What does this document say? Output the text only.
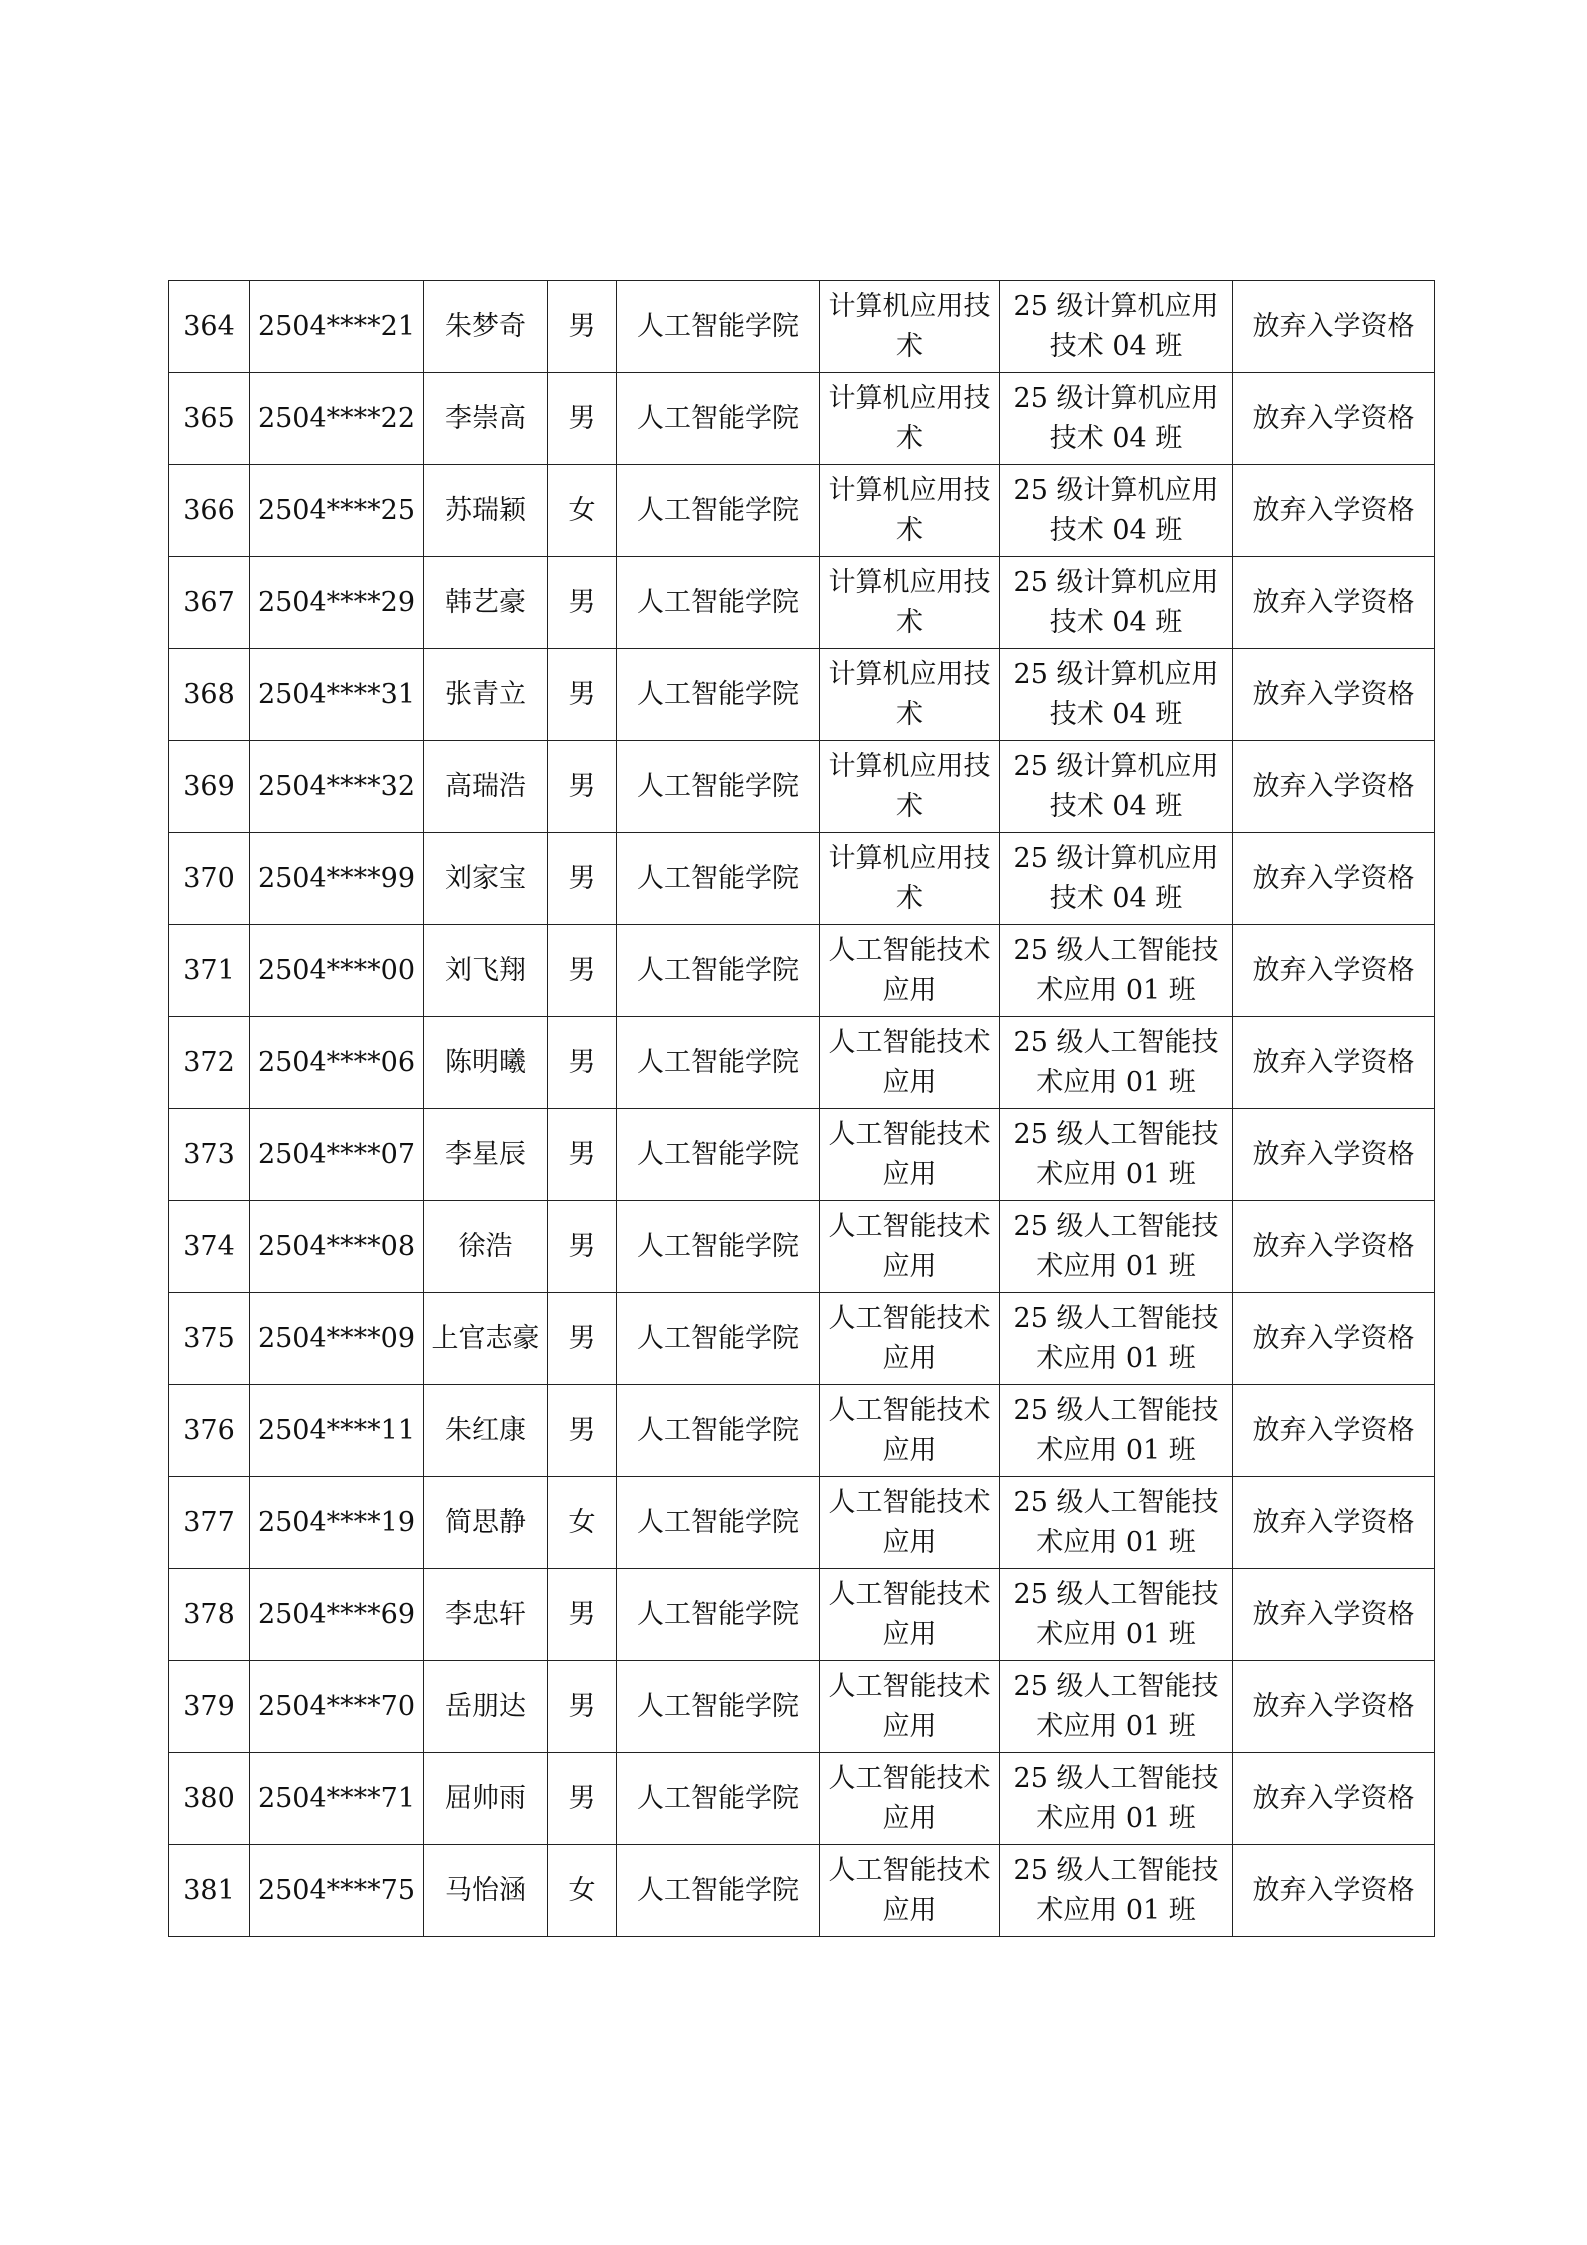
364	2504****21	朱梦奇	男	人工智能学院	计算机应用技术	25 级计算机应用技术 04 班	放弃入学资格
365	2504****22	李崇高	男	人工智能学院	计算机应用技术	25 级计算机应用技术 04 班	放弃入学资格
366	2504****25	苏瑞颖	女	人工智能学院	计算机应用技术	25 级计算机应用技术 04 班	放弃入学资格
367	2504****29	韩艺豪	男	人工智能学院	计算机应用技术	25 级计算机应用技术 04 班	放弃入学资格
368	2504****31	张青立	男	人工智能学院	计算机应用技术	25 级计算机应用技术 04 班	放弃入学资格
369	2504****32	高瑞浩	男	人工智能学院	计算机应用技术	25 级计算机应用技术 04 班	放弃入学资格
370	2504****99	刘家宝	男	人工智能学院	计算机应用技术	25 级计算机应用技术 04 班	放弃入学资格
371	2504****00	刘飞翔	男	人工智能学院	人工智能技术应用	25 级人工智能技术应用 01 班	放弃入学资格
372	2504****06	陈明曦	男	人工智能学院	人工智能技术应用	25 级人工智能技术应用 01 班	放弃入学资格
373	2504****07	李星辰	男	人工智能学院	人工智能技术应用	25 级人工智能技术应用 01 班	放弃入学资格
374	2504****08	徐浩	男	人工智能学院	人工智能技术应用	25 级人工智能技术应用 01 班	放弃入学资格
375	2504****09	上官志豪	男	人工智能学院	人工智能技术应用	25 级人工智能技术应用 01 班	放弃入学资格
376	2504****11	朱红康	男	人工智能学院	人工智能技术应用	25 级人工智能技术应用 01 班	放弃入学资格
377	2504****19	简思静	女	人工智能学院	人工智能技术应用	25 级人工智能技术应用 01 班	放弃入学资格
378	2504****69	李忠轩	男	人工智能学院	人工智能技术应用	25 级人工智能技术应用 01 班	放弃入学资格
379	2504****70	岳朋达	男	人工智能学院	人工智能技术应用	25 级人工智能技术应用 01 班	放弃入学资格
380	2504****71	屈帅雨	男	人工智能学院	人工智能技术应用	25 级人工智能技术应用 01 班	放弃入学资格
381	2504****75	马怡涵	女	人工智能学院	人工智能技术应用	25 级人工智能技术应用 01 班	放弃入学资格
